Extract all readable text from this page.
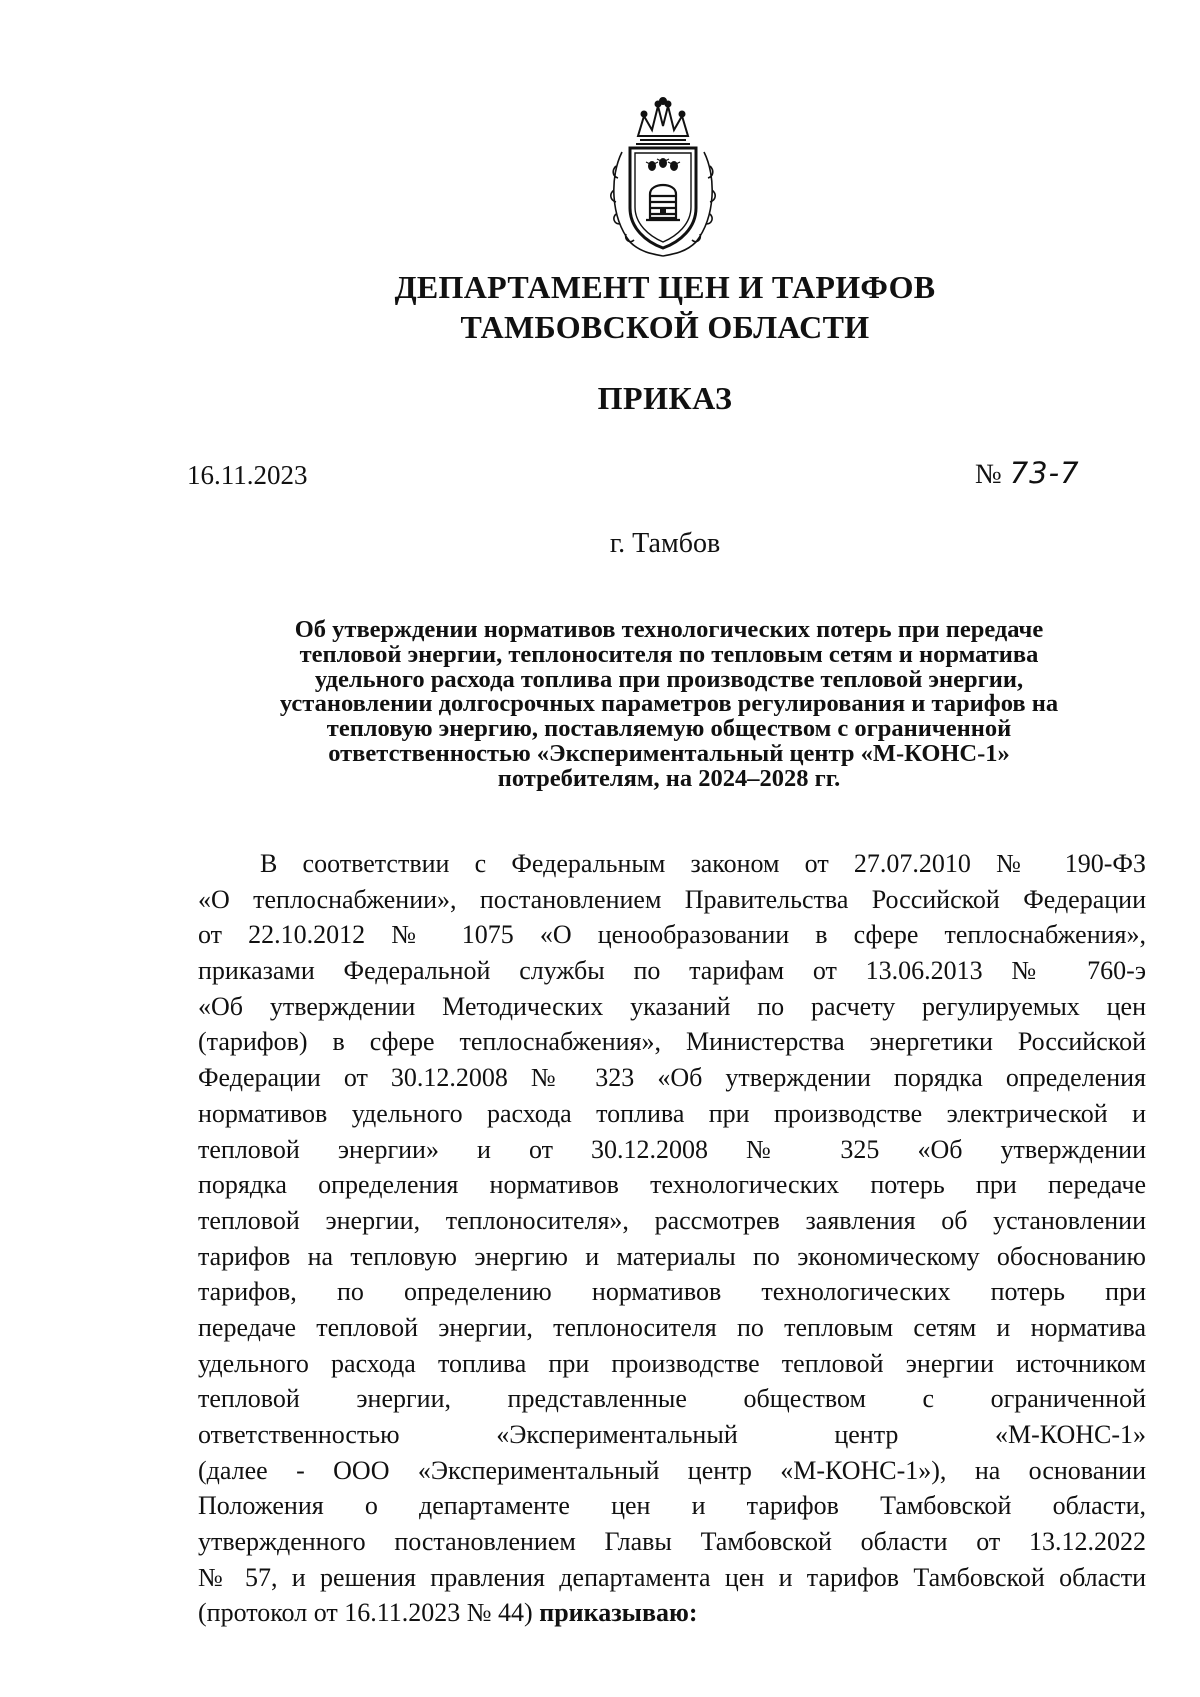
ДЕПАРТАМЕНТ ЦЕН И ТАРИФОВ
ТАМБОВСКОЙ ОБЛАСТИ
ПРИКАЗ
16.11.2023	№ 73-7
г. Тамбов
Об утверждении нормативов технологических потерь при передаче
тепловой энергии, теплоносителя по тепловым сетям и норматива
удельного расхода топлива при производстве тепловой энергии,
установлении долгосрочных параметров регулирования и тарифов на
тепловую энергию, поставляемую обществом с ограниченной
ответственностью «Экспериментальный центр «М-КОНС-1»
потребителям, на 2024–2028 гг.
В соответствии с Федеральным законом от 27.07.2010 № 190-ФЗ
«О теплоснабжении», постановлением Правительства Российской Федерации
от 22.10.2012 № 1075 «О ценообразовании в сфере теплоснабжения»,
приказами Федеральной службы по тарифам от 13.06.2013 № 760-э
«Об утверждении Методических указаний по расчету регулируемых цен
(тарифов) в сфере теплоснабжения», Министерства энергетики Российской
Федерации от 30.12.2008 № 323 «Об утверждении порядка определения
нормативов удельного расхода топлива при производстве электрической и
тепловой энергии» и от 30.12.2008 № 325 «Об утверждении
порядка определения нормативов технологических потерь при передаче
тепловой энергии, теплоносителя», рассмотрев заявления об установлении
тарифов на тепловую энергию и материалы по экономическому обоснованию
тарифов, по определению нормативов технологических потерь при
передаче тепловой энергии, теплоносителя по тепловым сетям и норматива
удельного расхода топлива при производстве тепловой энергии источником
тепловой энергии, представленные обществом с ограниченной
ответственностью «Экспериментальный центр «М-КОНС-1»
(далее - ООО «Экспериментальный центр «М-КОНС-1»), на основании
Положения о департаменте цен и тарифов Тамбовской области,
утвержденного постановлением Главы Тамбовской области от 13.12.2022
№ 57, и решения правления департамента цен и тарифов Тамбовской области
(протокол от 16.11.2023 № 44) приказываю:
